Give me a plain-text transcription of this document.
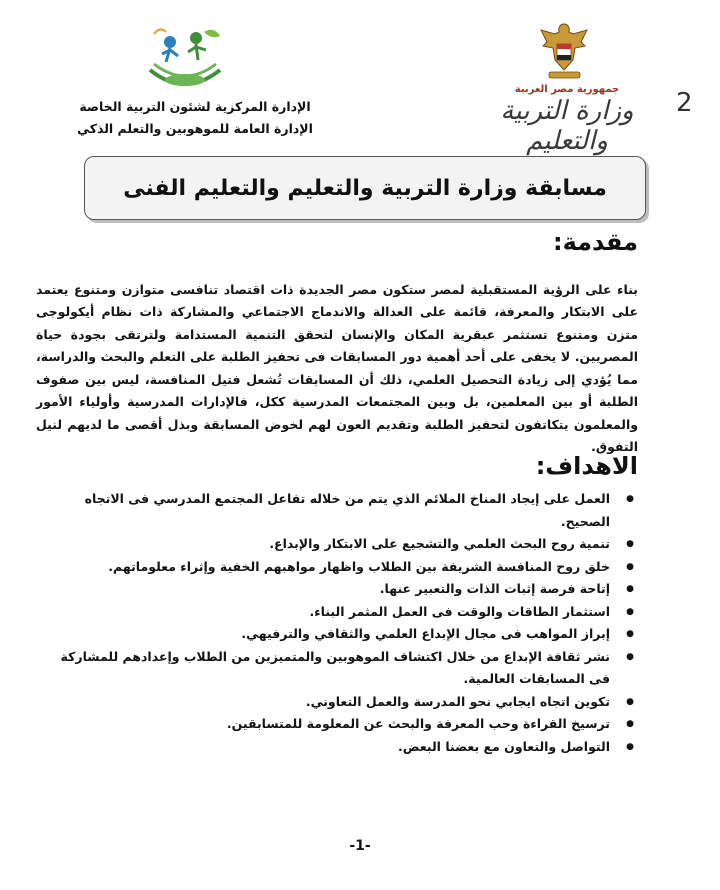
2
جمهورية مصر العربية
وزارة التربية والتعليم
الإدارة المركزية لشئون التربية الخاصة
الإدارة العامة للموهوبين والتعلم الذكي
مسابقة وزارة التربية والتعليم والتعليم الفنى
مقدمة:

بناء على الرؤية المستقبلية لمصر ستكون مصر الجديدة ذات اقتصاد تنافسى متوازن ومتنوع يعتمد على الابتكار والمعرفة، قائمة على العدالة والاندماج الاجتماعي والمشاركة ذات نظام أيكولوجى متزن ومتنوع تستثمر عبقرية المكان والإنسان لتحقق التنمية المستدامة ولترتقى بجودة حياة المصريين. لا يخفى على أحد أهمية دور المسابقات فى تحفيز الطلبة على التعلم والبحث والدراسة، مما يُؤدي إلى زيادة التحصيل العلمي، ذلك أن المسابقات تُشعل فتيل المنافسة، ليس بين صفوف الطلبة أو بين المعلمين، بل وبين المجتمعات المدرسية ككل، فالإدارات المدرسية وأولياء الأمور والمعلمون يتكاتفون لتحفيز الطلبة وتقديم العون لهم لخوض المسابقة وبذل أقصى ما لديهم لنيل التفوق.

الاهداف:
● العمل على إيجاد المناخ الملائم الذي يتم من خلاله تفاعل المجتمع المدرسي فى الاتجاه الصحيح.
● تنمية روح البحث العلمي والتشجيع على الابتكار والإبداع.
● خلق روح المنافسة الشريفة بين الطلاب واظهار مواهبهم الخفية وإثراء معلوماتهم.
● إتاحة فرصة إثبات الذات والتعبير عنها.
● استثمار الطاقات والوقت فى العمل المثمر البناء.
● إبراز المواهب فى مجال الإبداع العلمي والثقافي والترفيهي.
● نشر ثقافة الإبداع من خلال اكتشاف الموهوبين والمتميزين من الطلاب وإعدادهم للمشاركة فى المسابقات العالمية.
● تكوين اتجاه ايجابي نحو المدرسة والعمل التعاوني.
● ترسيخ القراءة وحب المعرفة والبحث عن المعلومة للمتسابقين.
● التواصل والتعاون مع بعضنا البعض.
-1-
